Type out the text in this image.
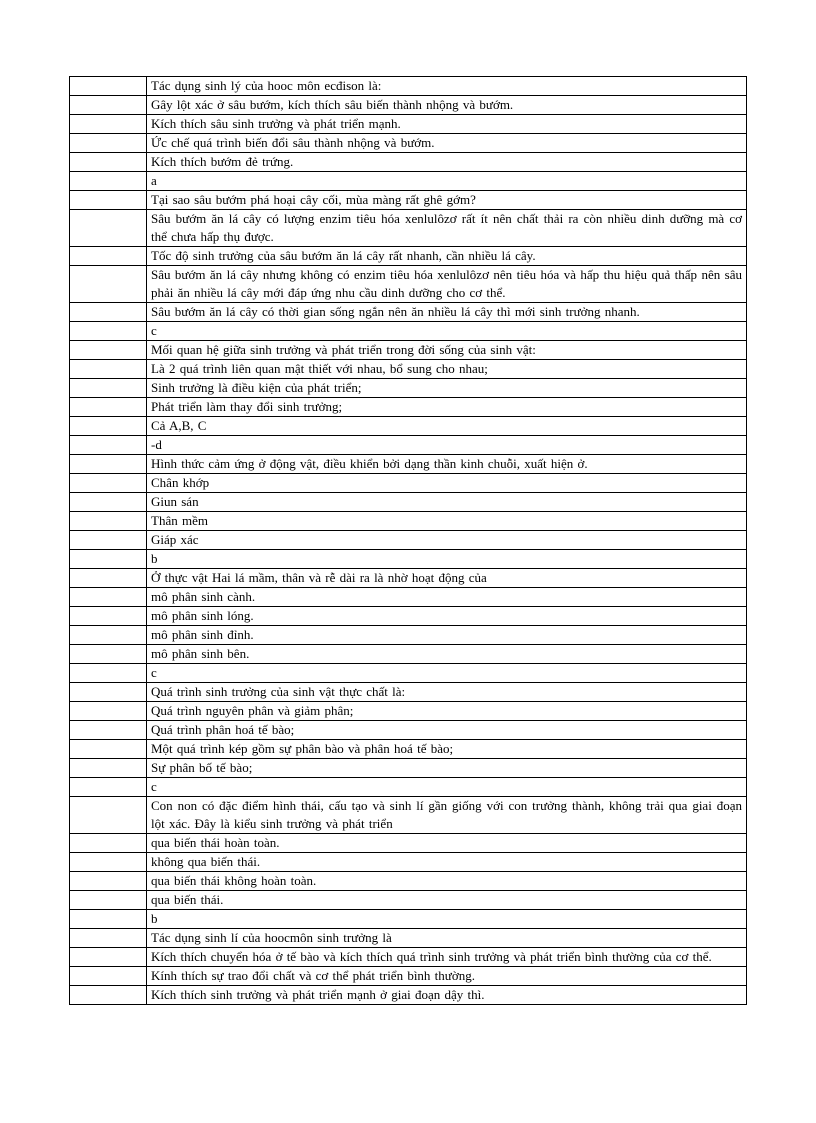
	Tác dụng sinh lý của hooc môn ecđison là:
	Gây lột xác ở sâu bướm, kích thích sâu biến thành nhộng và bướm.
	Kích thích sâu sinh trưởng và phát triển mạnh.
	Ức chế quá trình biến đổi sâu thành nhộng và bướm.
	Kích thích bướm đẻ trứng.
	a
	Tại sao sâu bướm phá hoại cây cối, mùa màng rất ghê gớm?
	Sâu bướm ăn lá cây có lượng enzim tiêu hóa xenlulôzơ rất ít nên chất thải ra còn nhiều dinh dưỡng mà cơ thể chưa hấp thụ được.
	Tốc độ sinh trưởng của sâu bướm ăn lá cây rất nhanh, cần nhiều lá cây.
	Sâu bướm ăn lá cây nhưng không có enzim tiêu hóa xenlulôzơ nên tiêu hóa và hấp thu hiệu quả thấp nên sâu phải ăn nhiều lá cây mới đáp ứng nhu cầu dinh dưỡng cho cơ thể.
	Sâu bướm ăn lá cây có thời gian sống ngắn nên ăn nhiều lá cây thì mới sinh trưởng nhanh.
	c
	Mối quan hệ giữa sinh trưởng và phát triển trong đời sống của sinh vật:
	Là 2 quá trình liên quan mật thiết với nhau, bổ sung cho nhau;
	Sinh trưởng là điều kiện của phát triển;
	Phát triển làm thay đổi sinh trưởng;
	Cả A,B, C
	-d
	Hình thức cảm ứng ở động vật, điều khiển bởi dạng thần kinh chuỗi, xuất hiện ở.
	Chân khớp
	Giun sán
	Thân mềm
	Giáp xác
	b
	Ở thực vật Hai lá mầm, thân và rễ dài ra là nhờ hoạt động của
	mô phân sinh cành.
	mô phân sinh lóng.
	mô phân sinh đỉnh.
	mô phân sinh bên.
	c
	Quá trình sinh trưởng của sinh vật thực chất là:
	Quá trình nguyên phân và giảm phân;
	Quá trình phân hoá tế bào;
	Một quá trình kép gồm sự phân bào và phân hoá tế bào;
	Sự phân bố tế bào;
	c
	Con non có đặc điểm hình thái, cấu tạo và sinh lí gần giống với con trưởng thành, không trải qua giai đoạn lột xác. Đây là kiểu sinh trưởng và phát triển
	qua biến thái hoàn toàn.
	không qua biến thái.
	qua biến thái không hoàn toàn.
	qua biến thái.
	b
	Tác dụng sinh lí của hoocmôn sinh trưởng là
	Kích thích chuyển hóa ở tế bào và kích thích quá trình sinh trưởng và phát triển bình thường của cơ thể.
	Kính thích sự trao đổi chất và cơ thể phát triển bình thường.
	Kích thích sinh trưởng và phát triển mạnh ở giai đoạn dậy thì.
